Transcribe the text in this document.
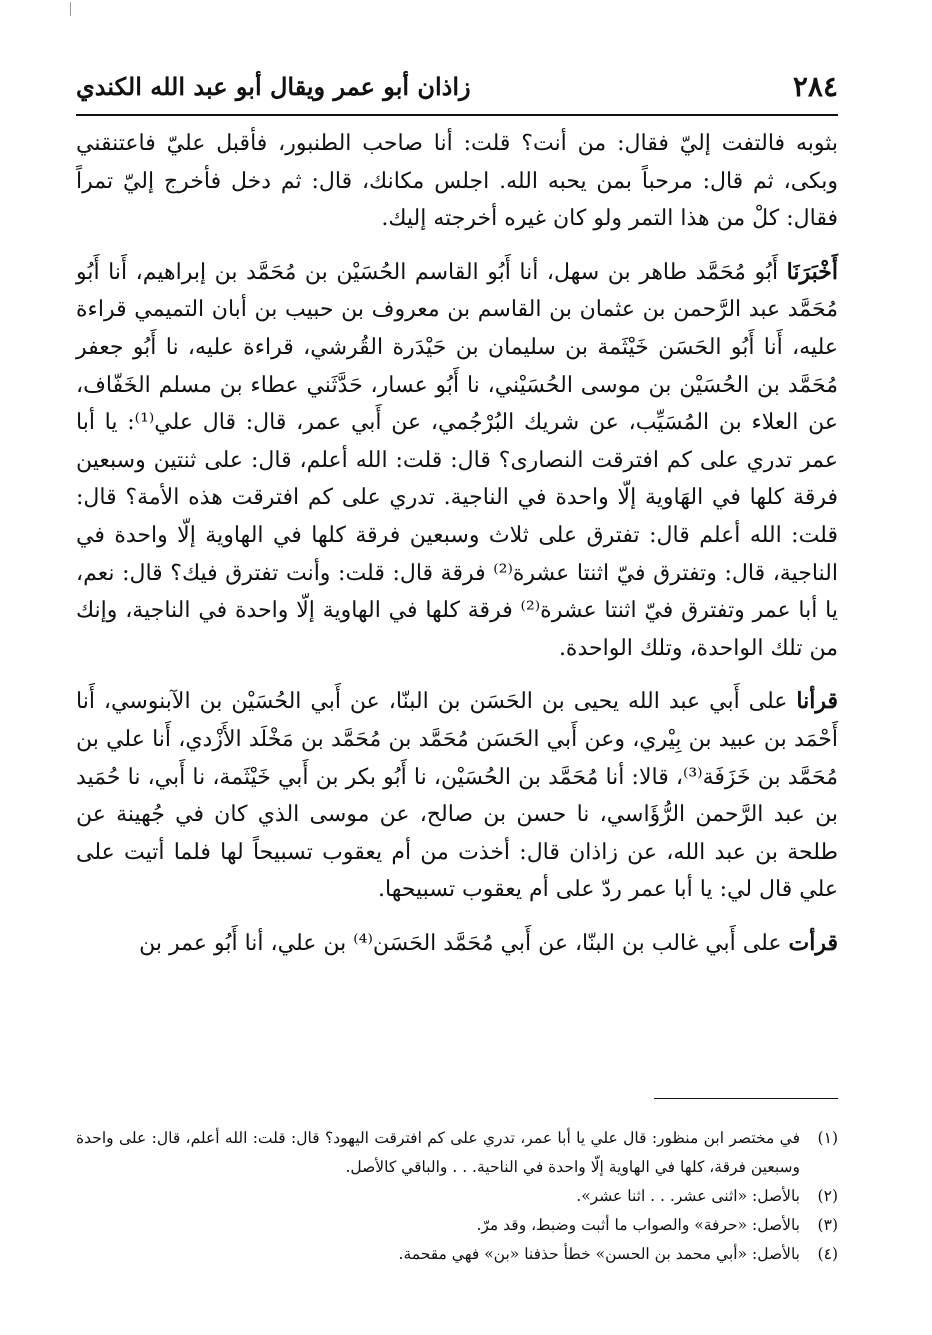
٢٨٤
زاذان أبو عمر ويقال أبو عبد الله الكندي

بثوبه فالتفت إليّ فقال: من أنت؟ قلت: أنا صاحب الطنبور، فأقبل عليّ فاعتنقني وبكى، ثم قال: مرحباً بمن يحبه الله. اجلس مكانك، قال: ثم دخل فأخرج إليّ تمراً فقال: كلْ من هذا التمر ولو كان غيره أخرجته إليك.

أَخْبَرَنَا أَبُو مُحَمَّد طاهر بن سهل، أنا أَبُو القاسم الحُسَيْن بن مُحَمَّد بن إبراهيم، أَنا أَبُو مُحَمَّد عبد الرَّحمن بن عثمان بن القاسم بن معروف بن حبيب بن أبان التميمي قراءة عليه، أَنا أَبُو الحَسَن خَيْثَمة بن سليمان بن حَيْدَرة القُرشي، قراءة عليه، نا أَبُو جعفر مُحَمَّد بن الحُسَيْن بن موسى الحُسَيْني، نا أَبُو عسار، حَدَّثَني عطاء بن مسلم الخَفّاف، عن العلاء بن المُسَيِّب، عن شريك البُرْجُمي، عن أَبي عمر، قال: قال علي⁽¹⁾: يا أبا عمر تدري على كم افترقت النصارى؟ قال: قلت: الله أعلم، قال: على ثنتين وسبعين فرقة كلها في الهَاوية إلّا واحدة في الناجية. تدري على كم افترقت هذه الأمة؟ قال: قلت: الله أعلم قال: تفترق على ثلاث وسبعين فرقة كلها في الهاوية إلّا واحدة في الناجية، قال: وتفترق فيّ اثنتا عشرة⁽²⁾ فرقة قال: قلت: وأنت تفترق فيك؟ قال: نعم، يا أبا عمر وتفترق فيّ اثنتا عشرة⁽²⁾ فرقة كلها في الهاوية إلّا واحدة في الناجية، وإنك من تلك الواحدة، وتلك الواحدة.

قرأنا على أَبي عبد الله يحيى بن الحَسَن بن البنّا، عن أَبي الحُسَيْن بن الآبنوسي، أَنا أَحْمَد بن عبيد بن بِيْري، وعن أَبي الحَسَن مُحَمَّد بن مُحَمَّد بن مَخْلَد الأَزْدي، أَنا علي بن مُحَمَّد بن خَزَفَة⁽³⁾، قالا: أنا مُحَمَّد بن الحُسَيْن، نا أَبُو بكر بن أَبي خَيْثَمة، نا أَبي، نا حُمَيد بن عبد الرَّحمن الرُّؤَاسي، نا حسن بن صالح، عن موسى الذي كان في جُهينة عن طلحة بن عبد الله، عن زاذان قال: أخذت من أم يعقوب تسبيحاً لها فلما أتيت على علي قال لي: يا أبا عمر ردّ على أم يعقوب تسبيحها.

قرأت على أَبي غالب بن البنّا، عن أَبي مُحَمَّد الحَسَن⁽⁴⁾ بن علي، أنا أَبُو عمر بن

(١)
في مختصر ابن منظور: قال علي يا أبا عمر، تدري على كم افترقت اليهود؟ قال: قلت: الله أعلم، قال: على واحدة وسبعين فرقة، كلها في الهاوية إلّا واحدة في الناحية. . . والباقي كالأصل.
(٢)
بالأصل: «اثنى عشر. . . اثنا عشر».
(٣)
بالأصل: «حرفة» والصواب ما أثبت وضبط، وقد مرّ.
(٤)
بالأصل: «أبي محمد بن الحسن» خطأ حذفنا «بن» فهي مقحمة.
